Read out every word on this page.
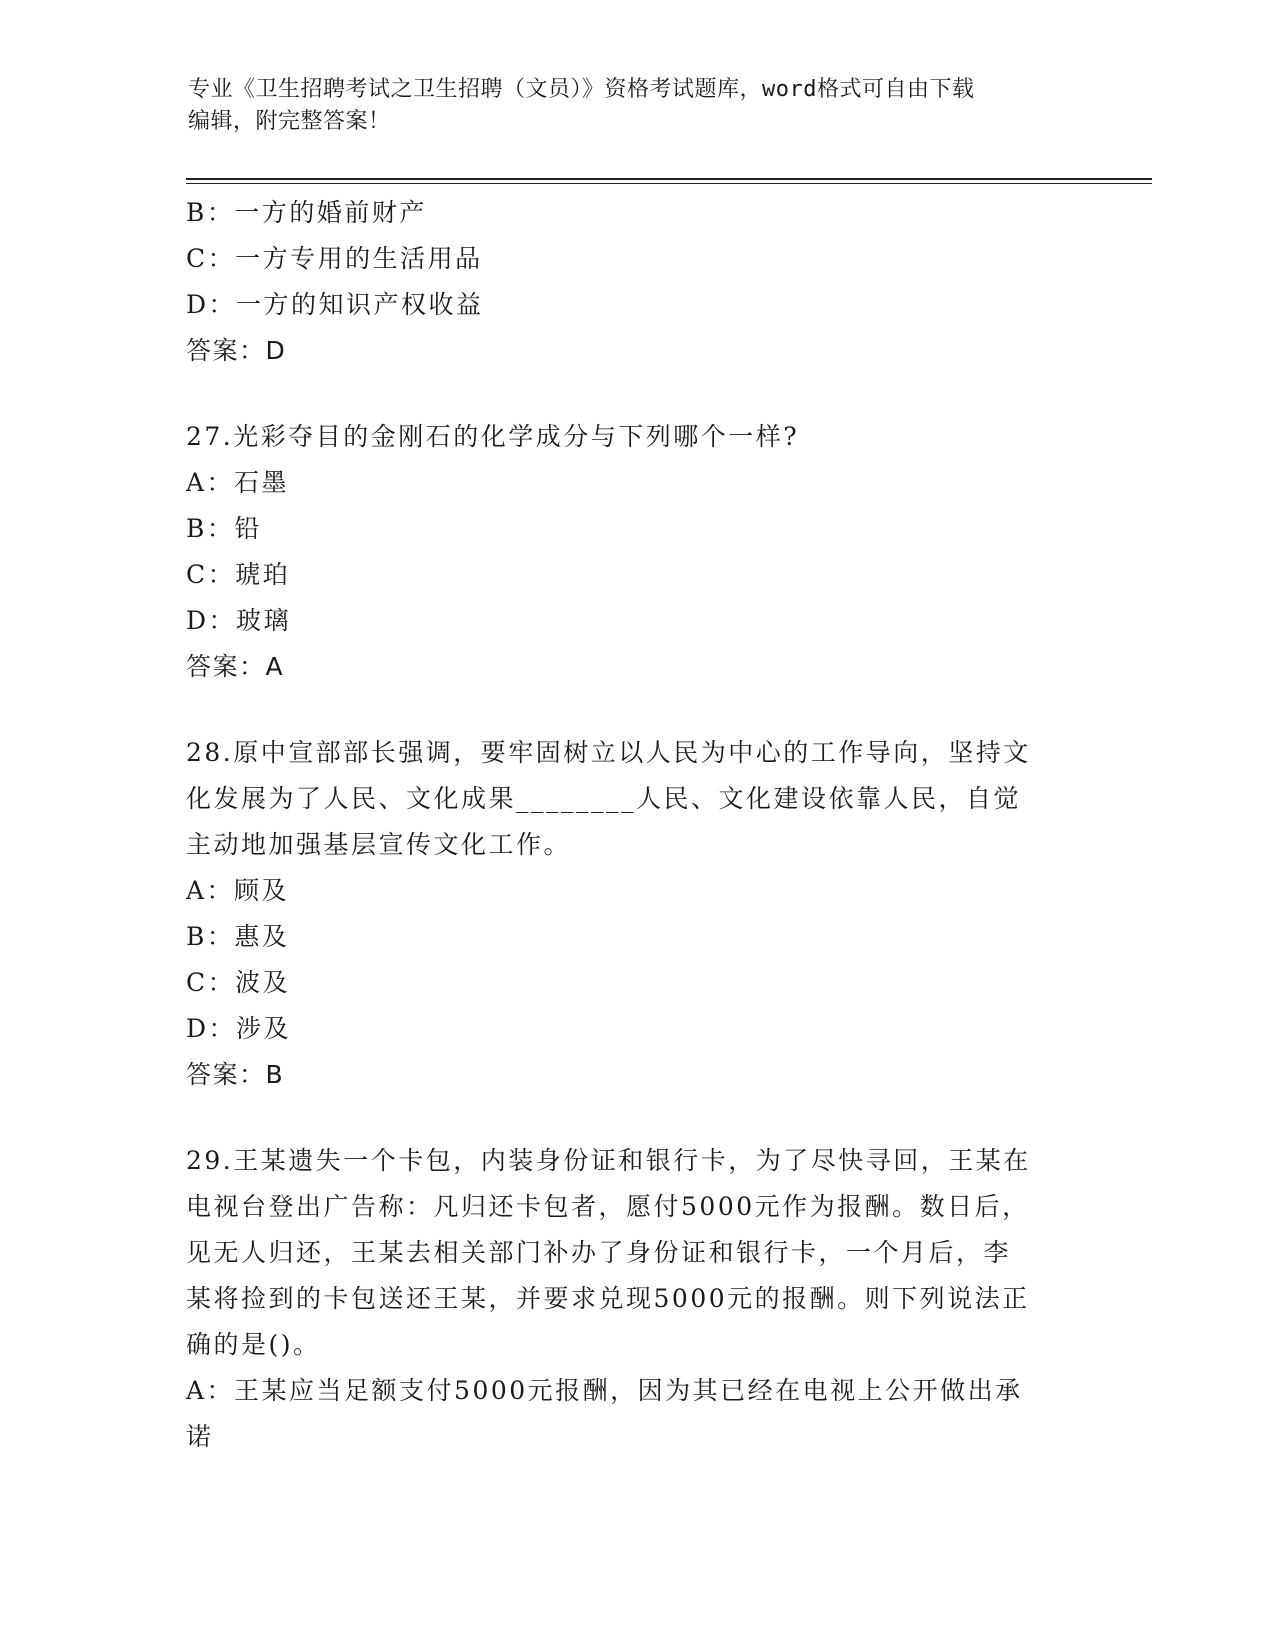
专业《卫生招聘考试之卫生招聘（文员）》资格考试题库，word格式可自由下载
编辑，附完整答案！
B：一方的婚前财产
C：一方专用的生活用品
D：一方的知识产权收益
答案：D
27.光彩夺目的金刚石的化学成分与下列哪个一样?
A：石墨
B：铅
C：琥珀
D：玻璃
答案：A
28.原中宣部部长强调，要牢固树立以人民为中心的工作导向，坚持文
化发展为了人民、文化成果________人民、文化建设依靠人民，自觉
主动地加强基层宣传文化工作。
A：顾及
B：惠及
C：波及
D：涉及
答案：B
29.王某遗失一个卡包，内装身份证和银行卡，为了尽快寻回，王某在
电视台登出广告称：凡归还卡包者，愿付5000元作为报酬。数日后，
见无人归还，王某去相关部门补办了身份证和银行卡，一个月后，李
某将捡到的卡包送还王某，并要求兑现5000元的报酬。则下列说法正
确的是()。
A：王某应当足额支付5000元报酬，因为其已经在电视上公开做出承
诺
